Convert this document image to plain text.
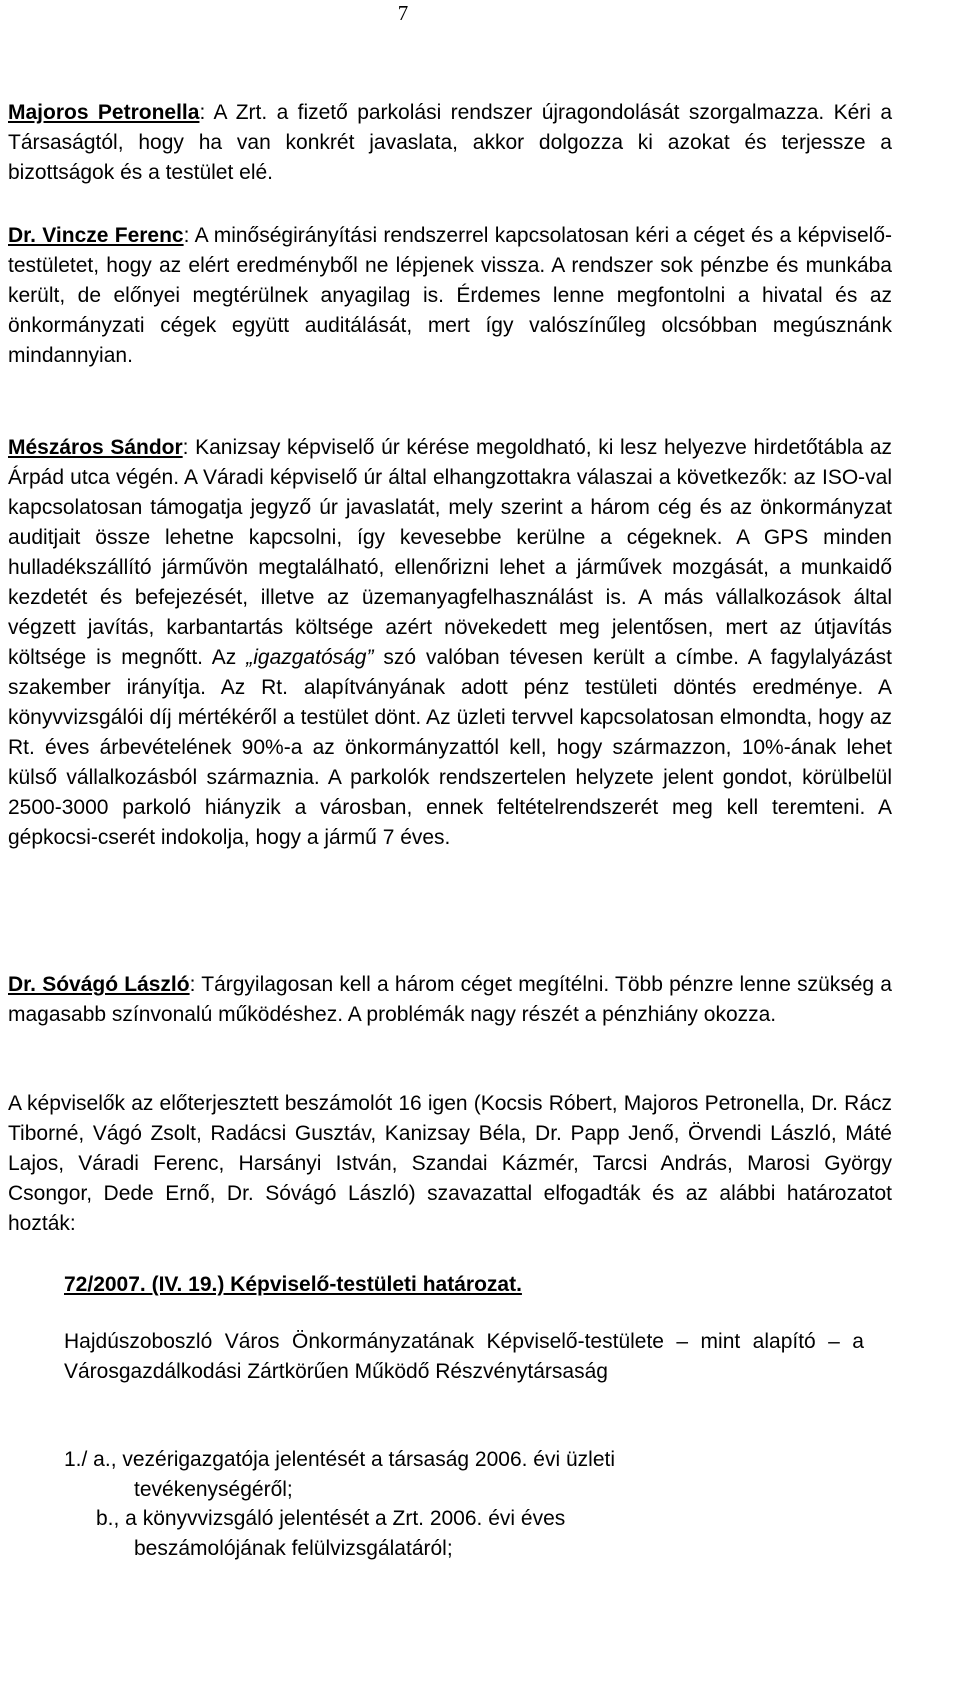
7
Majoros Petronella: A Zrt. a fizető parkolási rendszer újragondolását szorgalmazza. Kéri a Társaságtól, hogy ha van konkrét javaslata, akkor dolgozza ki azokat és terjessze a bizottságok és a testület elé.
Dr. Vincze Ferenc: A minőségirányítási rendszerrel kapcsolatosan kéri a céget és a képviselő-testületet, hogy az elért eredményből ne lépjenek vissza. A rendszer sok pénzbe és munkába került, de előnyei megtérülnek anyagilag is. Érdemes lenne megfontolni a hivatal és az önkormányzati cégek együtt auditálását, mert így valószínűleg olcsóbban megúsznánk mindannyian.
Mészáros Sándor: Kanizsay képviselő úr kérése megoldható, ki lesz helyezve hirdetőtábla az Árpád utca végén. A Váradi képviselő úr által elhangzottakra válaszai a következők: az ISO-val kapcsolatosan támogatja jegyző úr javaslatát, mely szerint a három cég és az önkormányzat auditjait össze lehetne kapcsolni, így kevesebbe kerülne a cégeknek. A GPS minden hulladékszállító járművön megtalálható, ellenőrizni lehet a járművek mozgását, a munkaidő kezdetét és befejezését, illetve az üzemanyagfelhasználást is. A más vállalkozások által végzett javítás, karbantartás költsége azért növekedett meg jelentősen, mert az útjavítás költsége is megnőtt. Az „igazgatóság” szó valóban tévesen került a címbe. A fagylalyázást szakember irányítja. Az Rt. alapítványának adott pénz testületi döntés eredménye. A könyvvizsgálói díj mértékéről a testület dönt. Az üzleti tervvel kapcsolatosan elmondta, hogy az Rt. éves árbevételének 90%-a az önkormányzattól kell, hogy származzon, 10%-ának lehet külső vállalkozásból származnia. A parkolók rendszertelen helyzete jelent gondot, körülbelül 2500-3000 parkoló hiányzik a városban, ennek feltételrendszerét meg kell teremteni. A gépkocsi-cserét indokolja, hogy a jármű 7 éves.
Dr. Sóvágó László: Tárgyilagosan kell a három céget megítélni. Több pénzre lenne szükség a magasabb színvonalú működéshez. A problémák nagy részét a pénzhiány okozza.
A képviselők az előterjesztett beszámolót 16 igen (Kocsis Róbert, Majoros Petronella, Dr. Rácz Tiborné, Vágó Zsolt, Radácsi Gusztáv, Kanizsay Béla, Dr. Papp Jenő, Örvendi László, Máté Lajos, Váradi Ferenc, Harsányi István, Szandai Kázmér, Tarcsi András, Marosi György Csongor, Dede Ernő, Dr. Sóvágó László) szavazattal elfogadták és az alábbi határozatot hozták:
72/2007. (IV. 19.) Képviselő-testületi határozat.
Hajdúszoboszló Város Önkormányzatának Képviselő-testülete – mint alapító – a Városgazdálkodási Zártkörűen Működő Részvénytársaság
1./ a., vezérigazgatója jelentését a társaság 2006. évi üzleti
tevékenységéről;
b., a könyvvizsgáló jelentését a Zrt. 2006. évi éves
beszámolójának felülvizsgálatáról;
